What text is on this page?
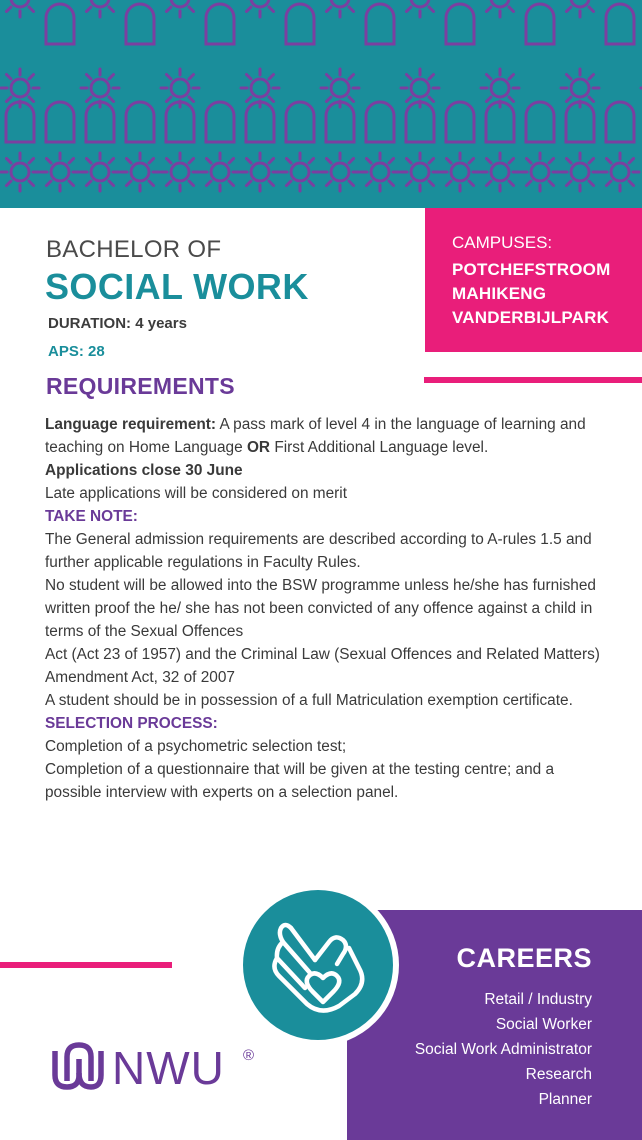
CAMPUSES:
POTCHEFSTROOM
MAHIKENG
VANDERBIJLPARK
BACHELOR OF
SOCIAL WORK
DURATION: 4 years
APS: 28
REQUIREMENTS

Language requirement: A pass mark of level 4 in the language of learning and teaching on Home Language OR First Additional Language level.

Applications close 30 June

Late applications will be considered on merit

TAKE NOTE:

The General admission requirements are described according to A-rules 1.5 and further applicable regulations in Faculty Rules.

No student will be allowed into the BSW programme unless he/she has furnished written proof the he/ she has not been convicted of any offence against a child in terms of the Sexual Offences

Act (Act 23 of 1957) and the Criminal Law (Sexual Offences and Related Matters) Amendment Act, 32 of 2007

A student should be in possession of a full Matriculation exemption certificate.

SELECTION PROCESS:

Completion of a psychometric selection test;

Completion of a questionnaire that will be given at the testing centre; and a possible interview with experts on a selection panel.

CAREERS
Retail / Industry
Social Worker
Social Work Administrator
Research
Planner
NWU ®
